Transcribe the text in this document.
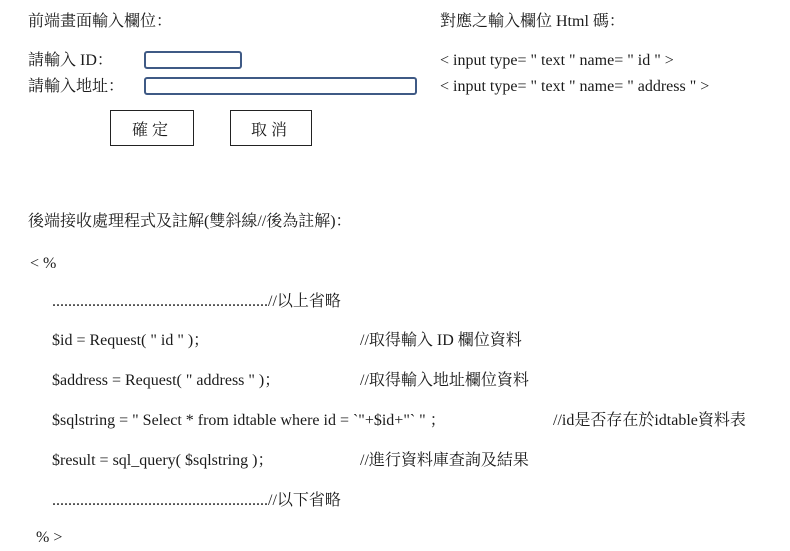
前端畫面輸入欄位：
請輸入 ID：
請輸入地址：
確定	取消
對應之輸入欄位 Html 碼：
< input type= " text " name= " id " >
< input type= " text " name= " address " >
後端接收處理程式及註解(雙斜線//後為註解)：
< %
......................................................//以上省略
$id = Request( " id " )；	//取得輸入 ID 欄位資料
$address = Request( " address " )；	//取得輸入地址欄位資料
$sqlstring = " Select * from idtable where id = `"+$id+"` " ；	//id是否存在於idtable資料表
$result = sql_query( $sqlstring )；	//進行資料庫查詢及結果
......................................................//以下省略
% >
